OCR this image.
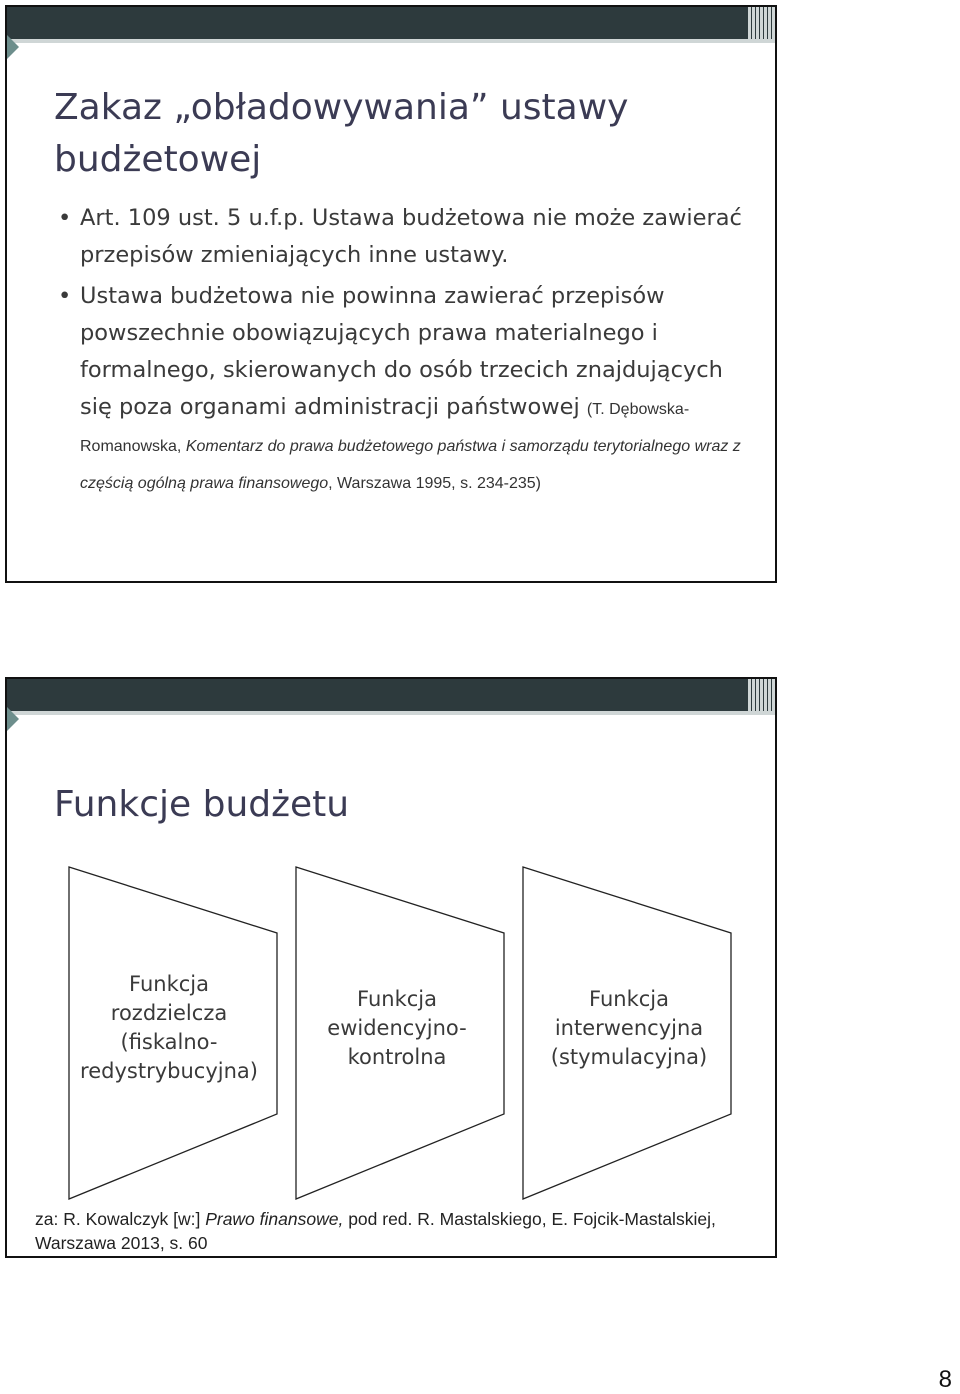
Zakaz „obładowywania” ustawy budżetowej
• Art. 109 ust. 5 u.f.p. Ustawa budżetowa nie może zawierać przepisów zmieniających inne ustawy.
• Ustawa budżetowa nie powinna zawierać przepisów powszechnie obowiązujących prawa materialnego i formalnego, skierowanych do osób trzecich znajdujących się poza organami administracji państwowej (T. Dębowska-Romanowska, Komentarz do prawa budżetowego państwa i samorządu terytorialnego wraz z częścią ogólną prawa finansowego, Warszawa 1995, s. 234-235)
Funkcje budżetu
Funkcja rozdzielcza (fiskalno-redystrybucyjna)
Funkcja ewidencyjno-kontrolna
Funkcja interwencyjna (stymulacyjna)
za: R. Kowalczyk [w:] Prawo finansowe, pod red. R. Mastalskiego, E. Fojcik-Mastalskiej, Warszawa 2013, s. 60
8
